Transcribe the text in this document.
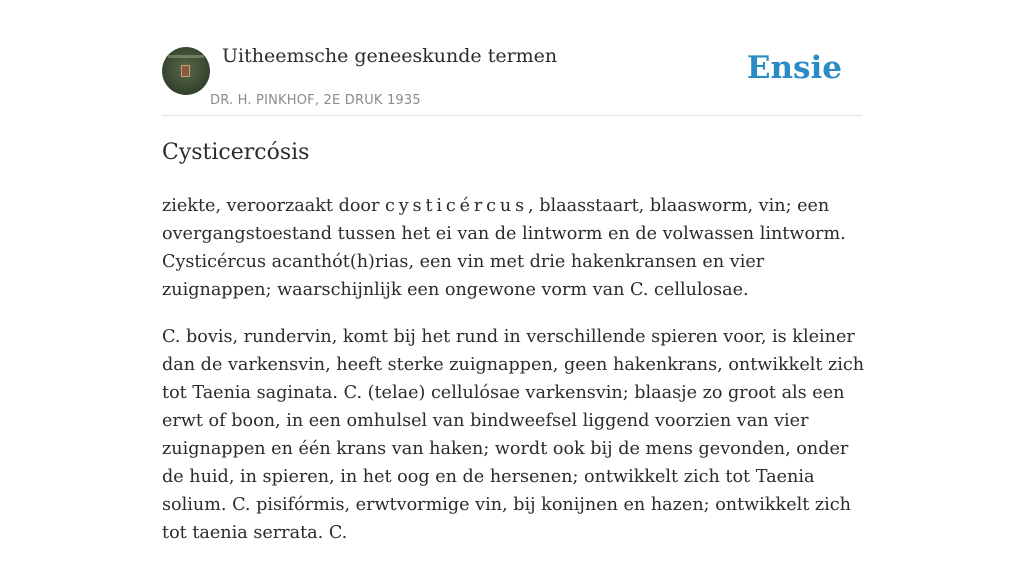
Uitheemsche geneeskunde termen
DR. H. PINKHOF, 2E DRUK 1935
Ensie
Cysticercósis

ziekte, veroorzaakt door cysticércus, blaasstaart, blaasworm, vin; een overgangstoestand tussen het ei van de lintworm en de volwassen lintworm. Cysticércus acanthót(h)rias, een vin met drie hakenkransen en vier zuignappen; waarschijnlijk een ongewone vorm van C. cellulosae.

C. bovis, rundervin, komt bij het rund in verschillende spieren voor, is kleiner dan de varkensvin, heeft sterke zuignappen, geen hakenkrans, ontwikkelt zich tot Taenia saginata. C. (telae) cellulósae varkensvin; blaasje zo groot als een erwt of boon, in een omhulsel van bindweefsel liggend voorzien van vier zuignappen en één krans van haken; wordt ook bij de mens gevonden, onder de huid, in spieren, in het oog en de hersenen; ontwikkelt zich tot Taenia solium. C. pisifórmis, erwtvormige vin, bij konijnen en hazen; ontwikkelt zich tot taenia serrata. C.
